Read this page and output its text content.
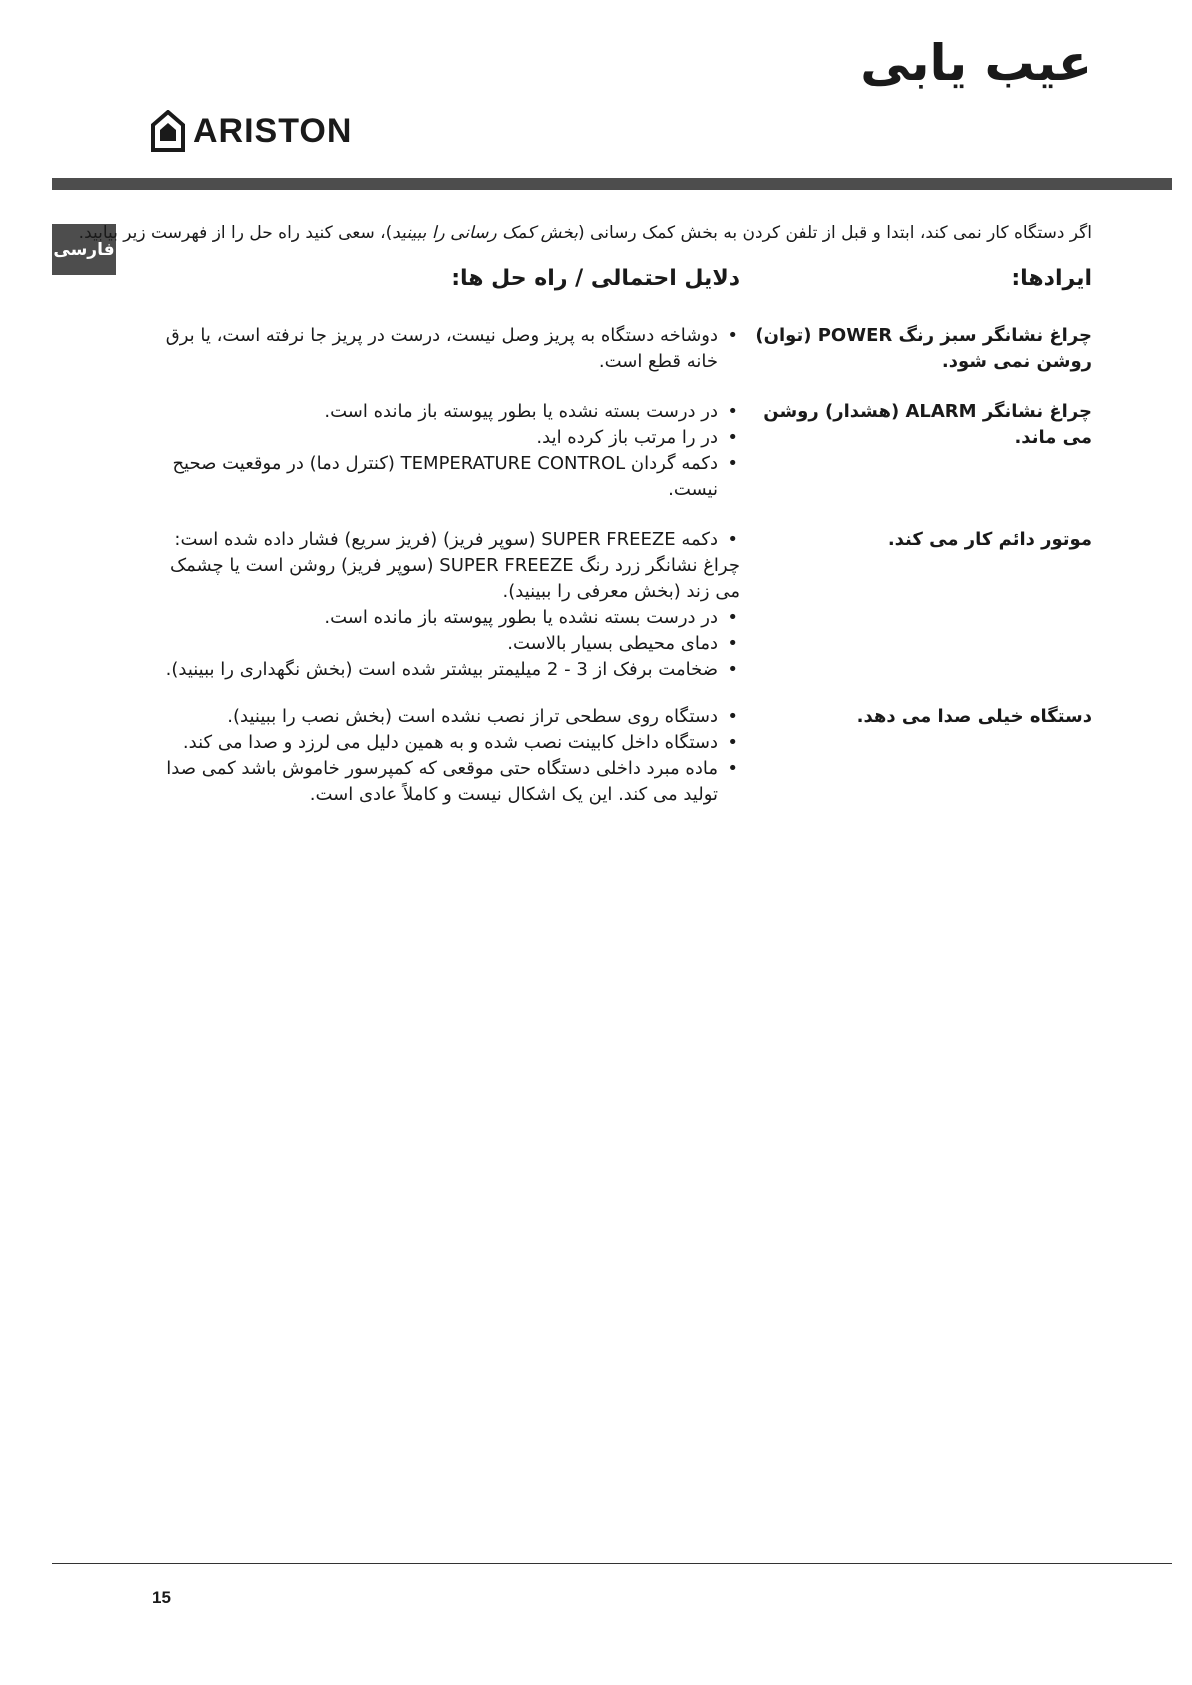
عیب یابی
ARISTON
فارسی

اگر دستگاه کار نمی کند، ابتدا و قبل از تلفن کردن به بخش کمک رسانی (بخش کمک رسانی را ببینید)، سعی کنید راه حل را از فهرست زیر بیابید.

ایرادها:
دلایل احتمالی / راه حل ها:
چراغ نشانگر سبز رنگ POWER (توان) روشن نمی شود.
• دوشاخه دستگاه به پریز وصل نیست، درست در پریز جا نرفته است، یا برق خانه قطع است.
چراغ نشانگر ALARM (هشدار) روشن می ماند.
• در درست بسته نشده یا بطور پیوسته باز مانده است.
• در را مرتب باز کرده اید.
• دکمه گردان TEMPERATURE CONTROL (کنترل دما) در موقعیت صحیح نیست.
موتور دائم کار می کند.
• دکمه SUPER FREEZE (سوپر فریز) (فریز سریع) فشار داده شده است:
چراغ نشانگر زرد رنگ SUPER FREEZE (سوپر فریز) روشن است یا چشمک می زند (بخش معرفی را ببینید).
• در درست بسته نشده یا بطور پیوسته باز مانده است.
• دمای محیطی بسیار بالاست.
• ضخامت برفک از 3 - 2 میلیمتر بیشتر شده است (بخش نگهداری را ببینید).
دستگاه خیلی صدا می دهد.
• دستگاه روی سطحی تراز نصب نشده است (بخش نصب را ببینید).
• دستگاه داخل کابینت نصب شده و به همین دلیل می لرزد و صدا می کند.
• ماده مبرد داخلی دستگاه حتی موقعی که کمپرسور خاموش باشد کمی صدا تولید می کند. این یک اشکال نیست و کاملاً عادی است.
15
